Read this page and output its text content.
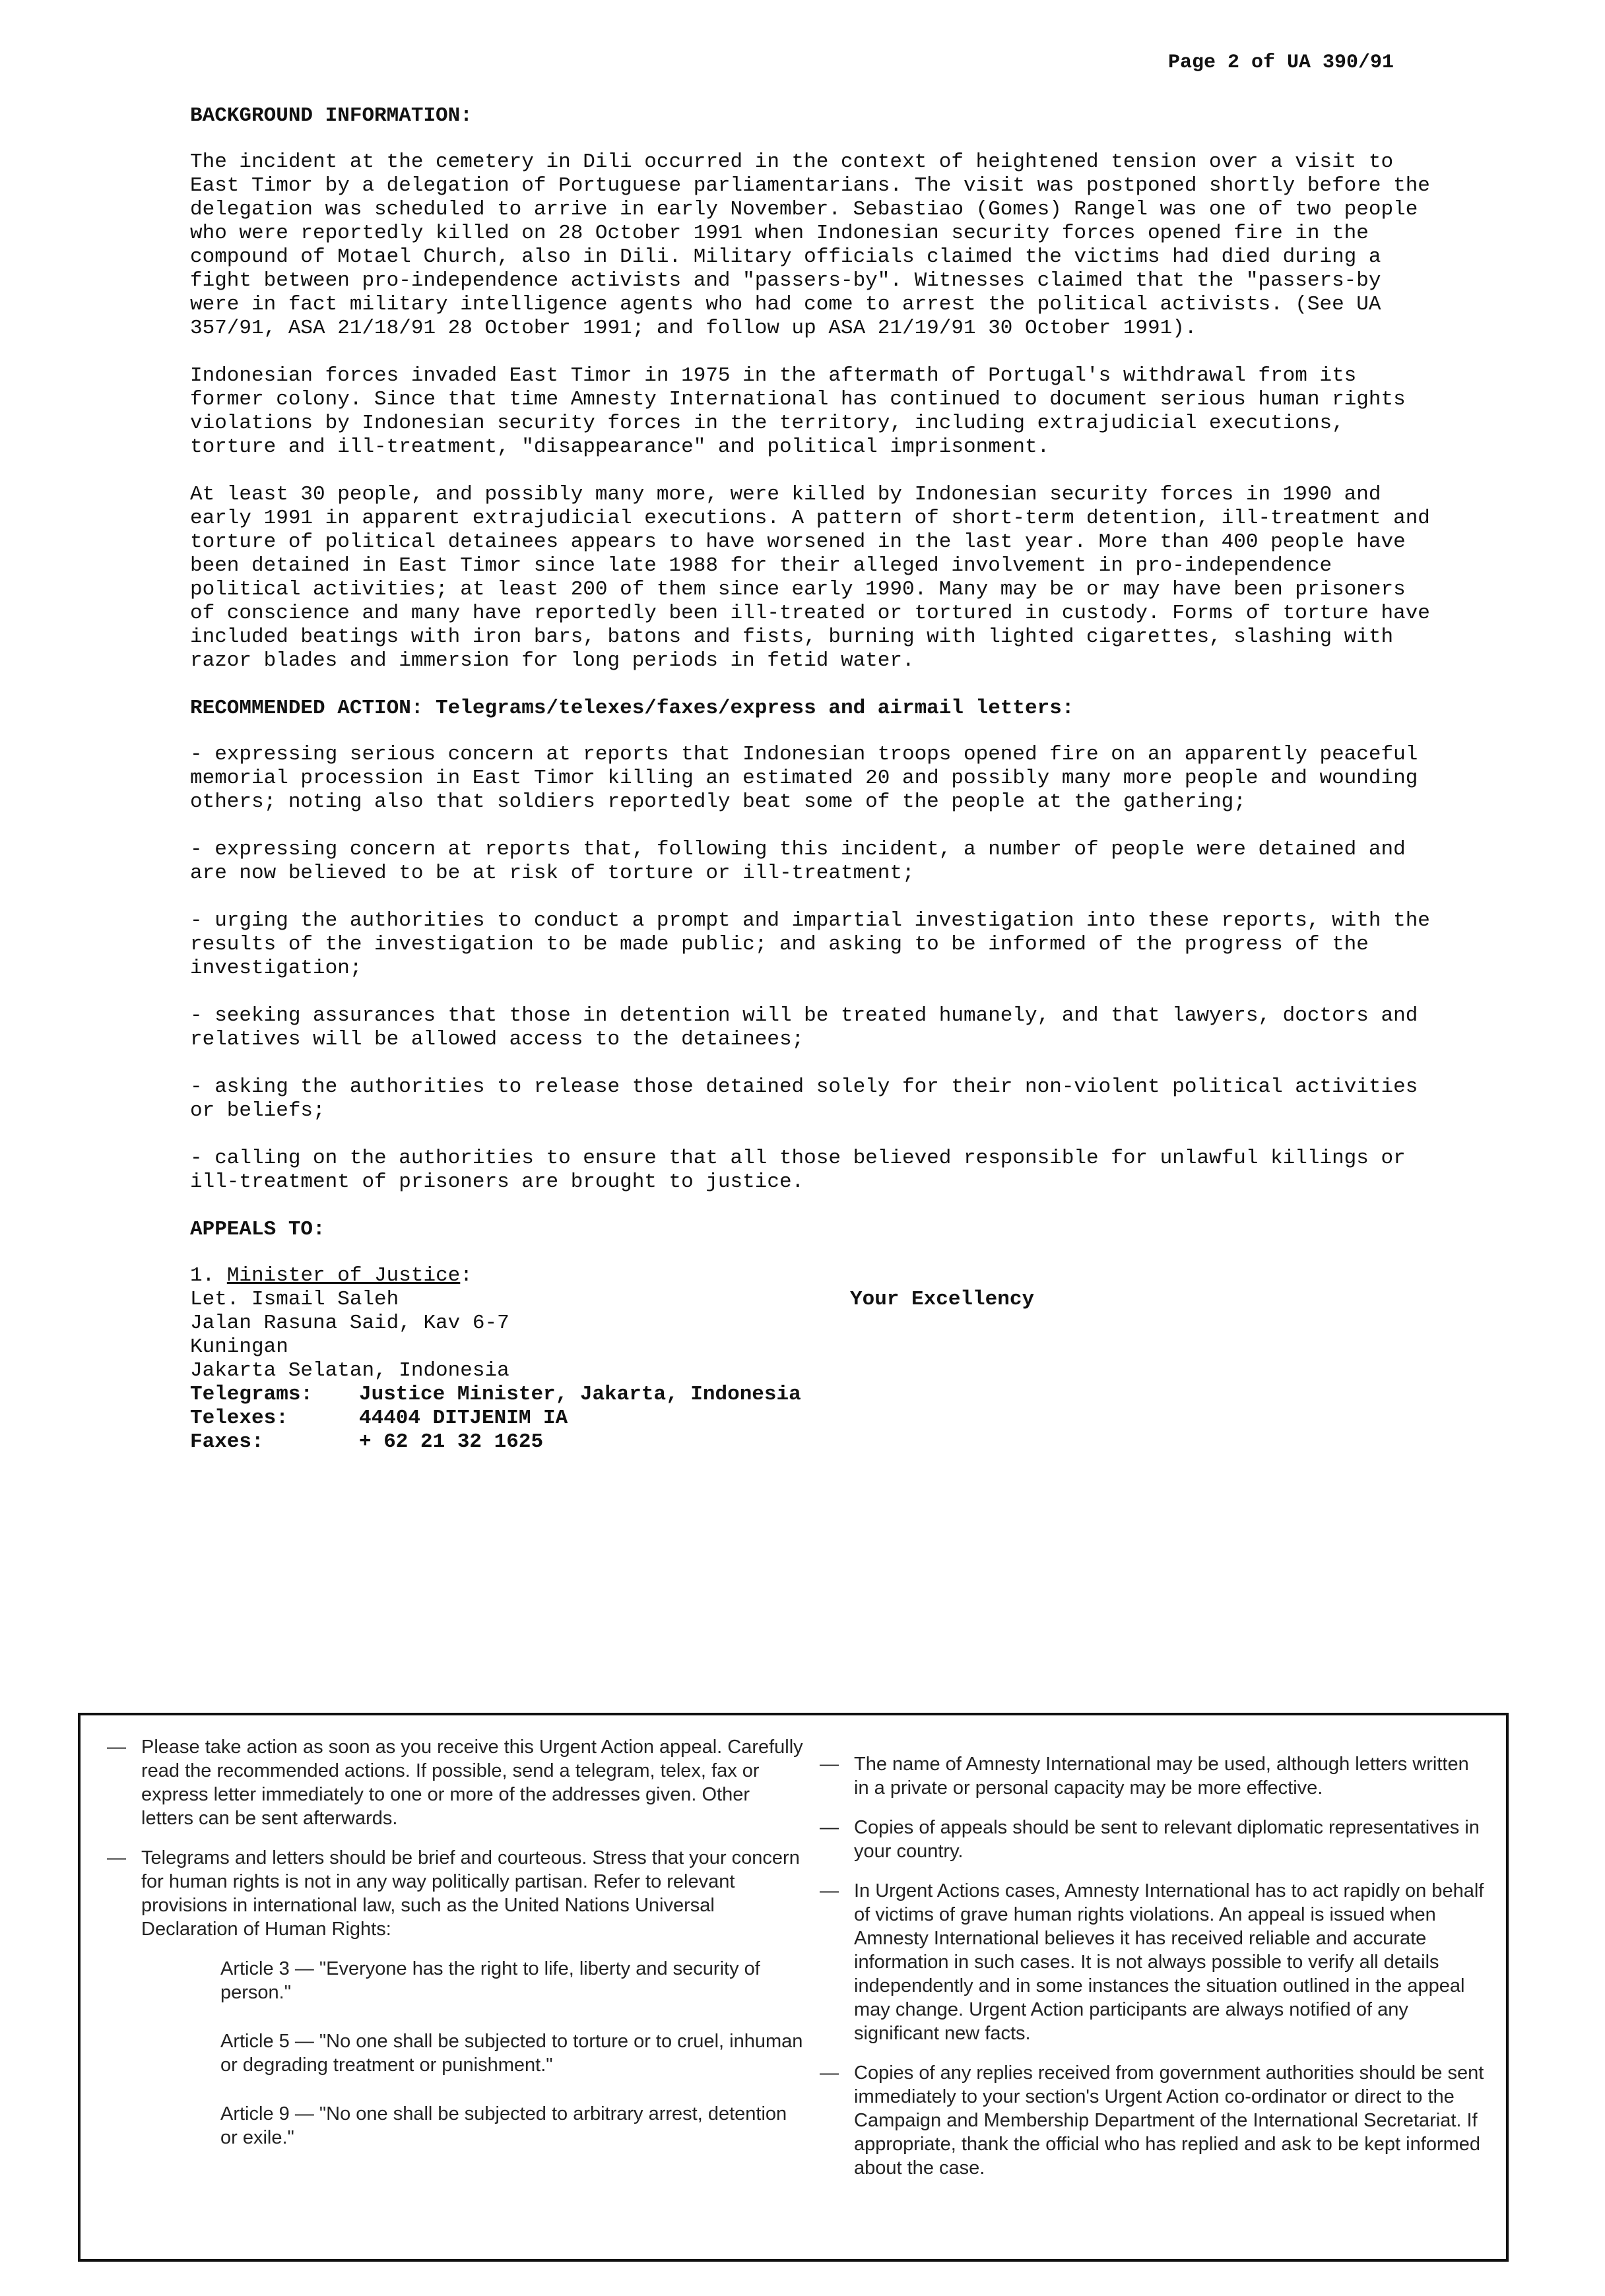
Page 2 of UA 390/91

BACKGROUND INFORMATION:

The incident at the cemetery in Dili occurred in the context of heightened tension over a visit to East Timor by a delegation of Portuguese parliamentarians. The visit was postponed shortly before the delegation was scheduled to arrive in early November. Sebastiao (Gomes) Rangel was one of two people who were reportedly killed on 28 October 1991 when Indonesian security forces opened fire in the compound of Motael Church, also in Dili. Military officials claimed the victims had died during a fight between pro-independence activists and "passers-by". Witnesses claimed that the "passers-by were in fact military intelligence agents who had come to arrest the political activists. (See UA 357/91, ASA 21/18/91 28 October 1991; and follow up ASA 21/19/91 30 October 1991).

Indonesian forces invaded East Timor in 1975 in the aftermath of Portugal's withdrawal from its former colony. Since that time Amnesty International has continued to document serious human rights violations by Indonesian security forces in the territory, including extrajudicial executions, torture and ill-treatment, "disappearance" and political imprisonment.

At least 30 people, and possibly many more, were killed by Indonesian security forces in 1990 and early 1991 in apparent extrajudicial executions. A pattern of short-term detention, ill-treatment and torture of political detainees appears to have worsened in the last year. More than 400 people have been detained in East Timor since late 1988 for their alleged involvement in pro-independence political activities; at least 200 of them since early 1990. Many may be or may have been prisoners of conscience and many have reportedly been ill-treated or tortured in custody. Forms of torture have included beatings with iron bars, batons and fists, burning with lighted cigarettes, slashing with razor blades and immersion for long periods in fetid water.

RECOMMENDED ACTION: Telegrams/telexes/faxes/express and airmail letters:

- expressing serious concern at reports that Indonesian troops opened fire on an apparently peaceful memorial procession in East Timor killing an estimated 20 and possibly many more people and wounding others; noting also that soldiers reportedly beat some of the people at the gathering;

- expressing concern at reports that, following this incident, a number of people were detained and are now believed to be at risk of torture or ill-treatment;

- urging the authorities to conduct a prompt and impartial investigation into these reports, with the results of the investigation to be made public; and asking to be informed of the progress of the investigation;

- seeking assurances that those in detention will be treated humanely, and that lawyers, doctors and relatives will be allowed access to the detainees;

- asking the authorities to release those detained solely for their non-violent political activities or beliefs;

- calling on the authorities to ensure that all those believed responsible for unlawful killings or ill-treatment of prisoners are brought to justice.

APPEALS TO:

1. Minister of Justice:
Let. Ismail Saleh	Your Excellency
Jalan Rasuna Said, Kav 6-7
Kuningan
Jakarta Selatan, Indonesia
Telegrams:	Justice Minister, Jakarta, Indonesia
Telexes:	44404 DITJENIM IA
Faxes:	+ 62 21 32 1625
— Please take action as soon as you receive this Urgent Action appeal. Carefully read the recommended actions. If possible, send a telegram, telex, fax or express letter immediately to one or more of the addresses given. Other letters can be sent afterwards.
— Telegrams and letters should be brief and courteous. Stress that your concern for human rights is not in any way politically partisan. Refer to relevant provisions in international law, such as the United Nations Universal Declaration of Human Rights:
Article 3 — "Everyone has the right to life, liberty and security of person."
Article 5 — "No one shall be subjected to torture or to cruel, inhuman or degrading treatment or punishment."
Article 9 — "No one shall be subjected to arbitrary arrest, detention or exile."
— The name of Amnesty International may be used, although letters written in a private or personal capacity may be more effective.
— Copies of appeals should be sent to relevant diplomatic representatives in your country.
— In Urgent Actions cases, Amnesty International has to act rapidly on behalf of victims of grave human rights violations. An appeal is issued when Amnesty International believes it has received reliable and accurate information in such cases. It is not always possible to verify all details independently and in some instances the situation outlined in the appeal may change. Urgent Action participants are always notified of any significant new facts.
— Copies of any replies received from government authorities should be sent immediately to your section's Urgent Action co-ordinator or direct to the Campaign and Membership Department of the International Secretariat. If appropriate, thank the official who has replied and ask to be kept informed about the case.
